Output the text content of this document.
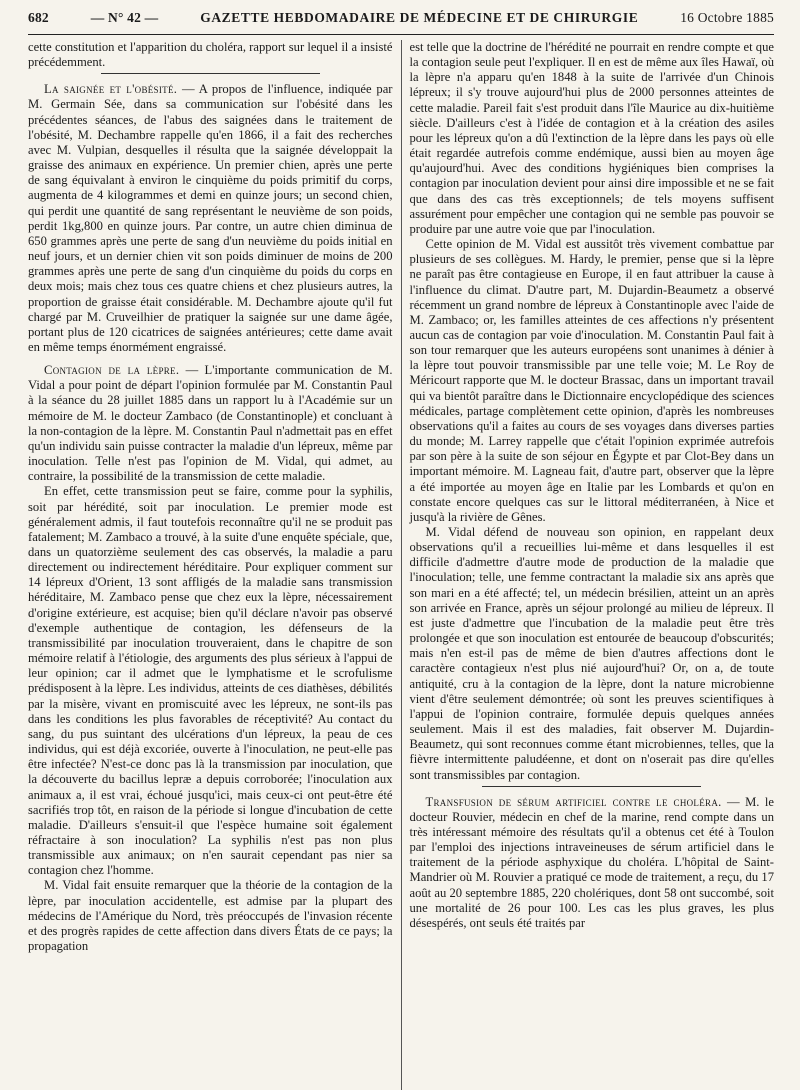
682	— N° 42 —	GAZETTE HEBDOMADAIRE DE MÉDECINE ET DE CHIRURGIE	16 Octobre 1885

cette constitution et l'apparition du choléra, rapport sur lequel il a insisté précédemment.

La saignée et l'obésité. — A propos de l'influence, indiquée par M. Germain Sée, dans sa communication sur l'obésité dans les précédentes séances, de l'abus des saignées dans le traitement de l'obésité, M. Dechambre rappelle qu'en 1866, il a fait des recherches avec M. Vulpian, desquelles il résulta que la saignée développait la graisse des animaux en expérience. Un premier chien, après une perte de sang équivalant à environ le cinquième du poids primitif du corps, augmenta de 4 kilogrammes et demi en quinze jours; un second chien, qui perdit une quantité de sang représentant le neuvième de son poids, perdit 1kg,800 en quinze jours. Par contre, un autre chien diminua de 650 grammes après une perte de sang d'un neuvième du poids initial en neuf jours, et un dernier chien vit son poids diminuer de moins de 200 grammes après une perte de sang d'un cinquième du poids du corps en deux mois; mais chez tous ces quatre chiens et chez plusieurs autres, la proportion de graisse était considérable. M. Dechambre ajoute qu'il fut chargé par M. Cruveilhier de pratiquer la saignée sur une dame âgée, portant plus de 120 cicatrices de saignées antérieures; cette dame avait en même temps énormément engraissé.

Contagion de la lèpre. — L'importante communication de M. Vidal a pour point de départ l'opinion formulée par M. Constantin Paul à la séance du 28 juillet 1885 dans un rapport lu à l'Académie sur un mémoire de M. le docteur Zambaco (de Constantinople) et concluant à la non-contagion de la lèpre. M. Constantin Paul n'admettait pas en effet qu'un individu sain puisse contracter la maladie d'un lépreux, même par inoculation. Telle n'est pas l'opinion de M. Vidal, qui admet, au contraire, la possibilité de la transmission de cette maladie.

En effet, cette transmission peut se faire, comme pour la syphilis, soit par hérédité, soit par inoculation. Le premier mode est généralement admis, il faut toutefois reconnaître qu'il ne se produit pas fatalement; M. Zambaco a trouvé, à la suite d'une enquête spéciale, que, dans un quatorzième seulement des cas observés, la maladie a paru directement ou indirectement héréditaire. Pour expliquer comment sur 14 lépreux d'Orient, 13 sont affligés de la maladie sans transmission héréditaire, M. Zambaco pense que chez eux la lèpre, nécessairement d'origine extérieure, est acquise; bien qu'il déclare n'avoir pas observé d'exemple authentique de contagion, les défenseurs de la transmissibilité par inoculation trouveraient, dans le chapitre de son mémoire relatif à l'étiologie, des arguments des plus sérieux à l'appui de leur opinion; car il admet que le lymphatisme et le scrofulisme prédisposent à la lèpre. Les individus, atteints de ces diathèses, débilités par la misère, vivant en promiscuité avec les lépreux, ne sont-ils pas dans les conditions les plus favorables de réceptivité? Au contact du sang, du pus suintant des ulcérations d'un lépreux, la peau de ces individus, qui est déjà excoriée, ouverte à l'inoculation, ne peut-elle pas être infectée? N'est-ce donc pas là la transmission par inoculation, que la découverte du bacillus lepræ a depuis corroborée; l'inoculation aux animaux a, il est vrai, échoué jusqu'ici, mais ceux-ci ont peut-être été sacrifiés trop tôt, en raison de la période si longue d'incubation de cette maladie. D'ailleurs s'ensuit-il que l'espèce humaine soit également réfractaire à son inoculation? La syphilis n'est pas non plus transmissible aux animaux; on n'en saurait cependant pas nier sa contagion chez l'homme.

M. Vidal fait ensuite remarquer que la théorie de la contagion de la lèpre, par inoculation accidentelle, est admise par la plupart des médecins de l'Amérique du Nord, très préoccupés de l'invasion récente et des progrès rapides de cette affection dans divers États de ce pays; la propagation

est telle que la doctrine de l'hérédité ne pourrait en rendre compte et que la contagion seule peut l'expliquer. Il en est de même aux îles Hawaï, où la lèpre n'a apparu qu'en 1848 à la suite de l'arrivée d'un Chinois lépreux; il s'y trouve aujourd'hui plus de 2000 personnes atteintes de cette maladie. Pareil fait s'est produit dans l'île Maurice au dix-huitième siècle. D'ailleurs c'est à l'idée de contagion et à la création des asiles pour les lépreux qu'on a dû l'extinction de la lèpre dans les pays où elle était regardée autrefois comme endémique, aussi bien au moyen âge qu'aujourd'hui. Avec des conditions hygiéniques bien comprises la contagion par inoculation devient pour ainsi dire impossible et ne se fait que dans des cas très exceptionnels; de tels moyens suffisent assurément pour empêcher une contagion qui ne semble pas pouvoir se produire par une autre voie que par l'inoculation.

Cette opinion de M. Vidal est aussitôt très vivement combattue par plusieurs de ses collègues. M. Hardy, le premier, pense que si la lèpre ne paraît pas être contagieuse en Europe, il en faut attribuer la cause à l'influence du climat. D'autre part, M. Dujardin-Beaumetz a observé récemment un grand nombre de lépreux à Constantinople avec l'aide de M. Zambaco; or, les familles atteintes de ces affections n'y présentent aucun cas de contagion par voie d'inoculation. M. Constantin Paul fait à son tour remarquer que les auteurs européens sont unanimes à dénier à la lèpre tout pouvoir transmissible par une telle voie; M. Le Roy de Méricourt rapporte que M. le docteur Brassac, dans un important travail qui va bientôt paraître dans le Dictionnaire encyclopédique des sciences médicales, partage complètement cette opinion, d'après les nombreuses observations qu'il a faites au cours de ses voyages dans diverses parties du monde; M. Larrey rappelle que c'était l'opinion exprimée autrefois par son père à la suite de son séjour en Égypte et par Clot-Bey dans un important mémoire. M. Lagneau fait, d'autre part, observer que la lèpre a été importée au moyen âge en Italie par les Lombards et qu'on en constate encore quelques cas sur le littoral méditerranéen, à Nice et jusqu'à la rivière de Gênes.

M. Vidal défend de nouveau son opinion, en rappelant deux observations qu'il a recueillies lui-même et dans lesquelles il est difficile d'admettre d'autre mode de production de la maladie que l'inoculation; telle, une femme contractant la maladie six ans après que son mari en a été affecté; tel, un médecin brésilien, atteint un an après son arrivée en France, après un séjour prolongé au milieu de lépreux. Il est juste d'admettre que l'incubation de la maladie peut être très prolongée et que son inoculation est entourée de beaucoup d'obscurités; mais n'en est-il pas de même de bien d'autres affections dont le caractère contagieux n'est plus nié aujourd'hui? Or, on a, de toute antiquité, cru à la contagion de la lèpre, dont la nature microbienne vient d'être seulement démontrée; où sont les preuves scientifiques à l'appui de l'opinion contraire, formulée depuis quelques années seulement. Mais il est des maladies, fait observer M. Dujardin-Beaumetz, qui sont reconnues comme étant microbiennes, telles, que la fièvre intermittente paludéenne, et dont on n'oserait pas dire qu'elles sont transmissibles par contagion.

Transfusion de sérum artificiel contre le choléra. — M. le docteur Rouvier, médecin en chef de la marine, rend compte dans un très intéressant mémoire des résultats qu'il a obtenus cet été à Toulon par l'emploi des injections intraveineuses de sérum artificiel dans le traitement de la période asphyxique du choléra. L'hôpital de Saint-Mandrier où M. Rouvier a pratiqué ce mode de traitement, a reçu, du 17 août au 20 septembre 1885, 220 cholériques, dont 58 ont succombé, soit une mortalité de 26 pour 100. Les cas les plus graves, les plus désespérés, ont seuls été traités par
